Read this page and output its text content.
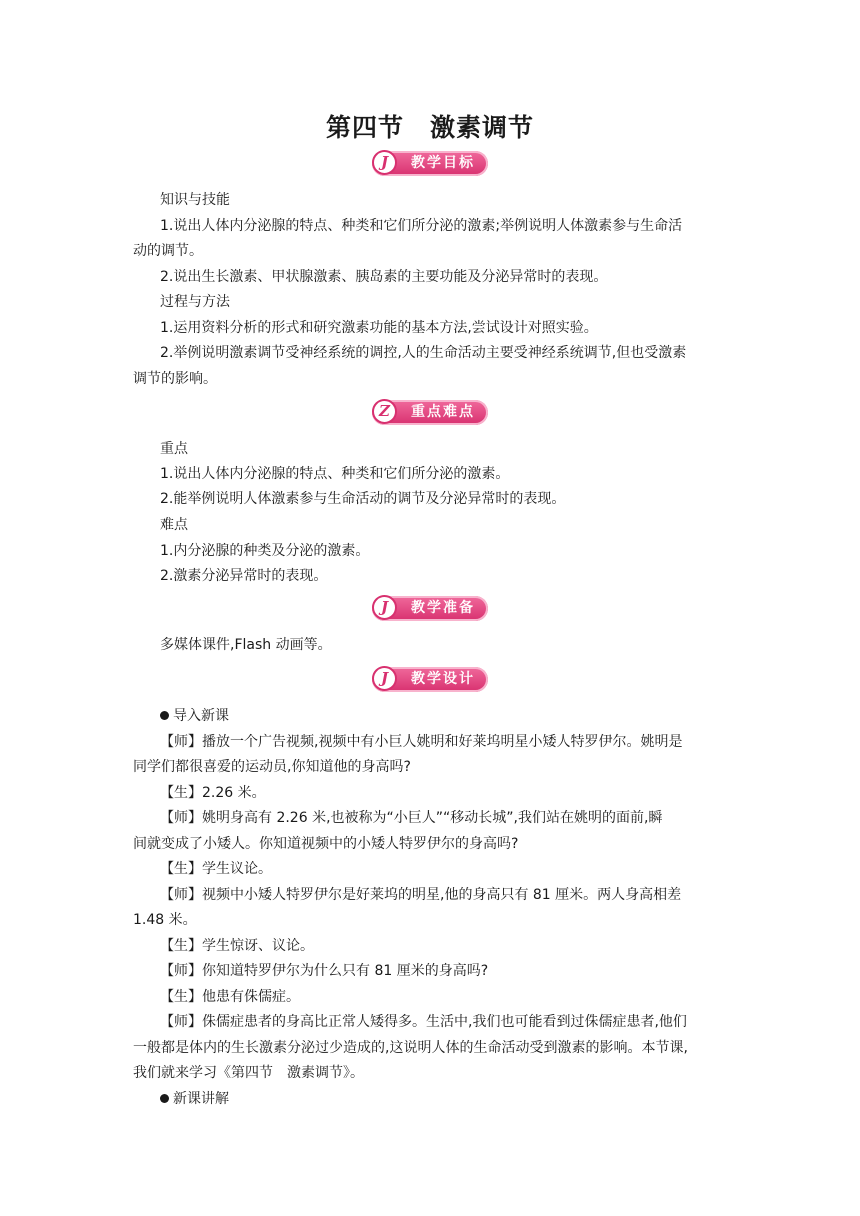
第四节　激素调节
J	教学目标
知识与技能
1.说出人体内分泌腺的特点、种类和它们所分泌的激素;举例说明人体激素参与生命活
动的调节。
2.说出生长激素、甲状腺激素、胰岛素的主要功能及分泌异常时的表现。
过程与方法
1.运用资料分析的形式和研究激素功能的基本方法,尝试设计对照实验。
2.举例说明激素调节受神经系统的调控,人的生命活动主要受神经系统调节,但也受激素
调节的影响。
Z	重点难点
重点
1.说出人体内分泌腺的特点、种类和它们所分泌的激素。
2.能举例说明人体激素参与生命活动的调节及分泌异常时的表现。
难点
1.内分泌腺的种类及分泌的激素。
2.激素分泌异常时的表现。
J	教学准备
多媒体课件,Flash 动画等。
J	教学设计
导入新课
【师】播放一个广告视频,视频中有小巨人姚明和好莱坞明星小矮人特罗伊尔。姚明是
同学们都很喜爱的运动员,你知道他的身高吗?
【生】2.26 米。
【师】姚明身高有 2.26 米,也被称为“小巨人”“移动长城”,我们站在姚明的面前,瞬
间就变成了小矮人。你知道视频中的小矮人特罗伊尔的身高吗?
【生】学生议论。
【师】视频中小矮人特罗伊尔是好莱坞的明星,他的身高只有 81 厘米。两人身高相差
1.48 米。
【生】学生惊讶、议论。
【师】你知道特罗伊尔为什么只有 81 厘米的身高吗?
【生】他患有侏儒症。
【师】侏儒症患者的身高比正常人矮得多。生活中,我们也可能看到过侏儒症患者,他们
一般都是体内的生长激素分泌过少造成的,这说明人体的生命活动受到激素的影响。本节课,
我们就来学习《第四节　激素调节》。
新课讲解
